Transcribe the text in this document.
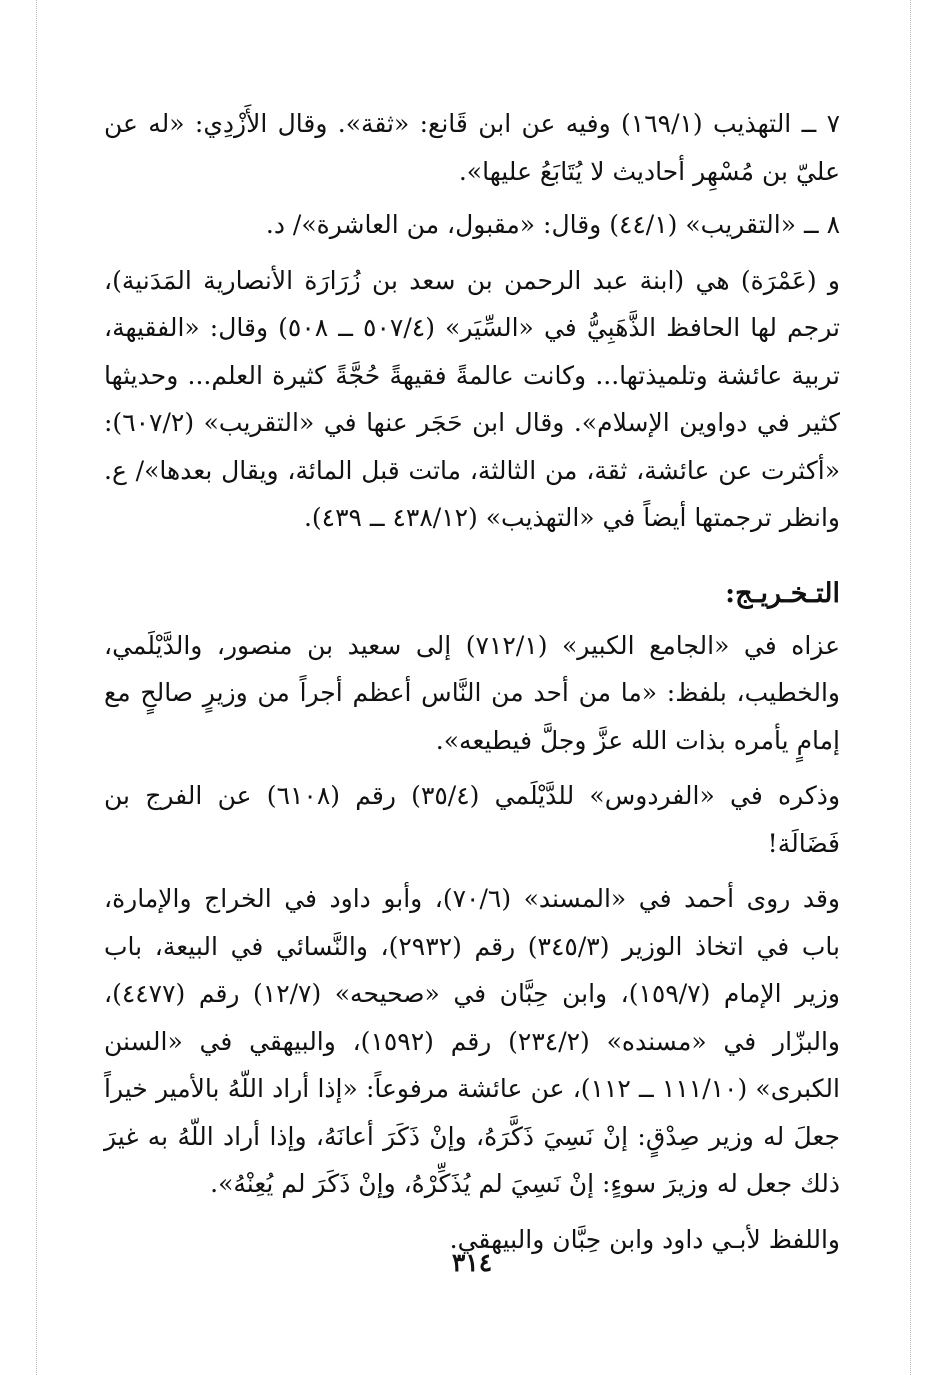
٧ ــ التهذيب (١٦٩/١) وفيه عن ابن قَانع: «ثقة». وقال الأَزْدِي: «له عن عليّ بن مُسْهِر أحاديث لا يُتَابَعُ عليها».

٨ ــ «التقريب» (٤٤/١) وقال: «مقبول، من العاشرة»/ د.

و (عَمْرَة) هي (ابنة عبد الرحمن بن سعد بن زُرَارَة الأنصارية المَدَنية)، ترجم لها الحافظ الذَّهَبِيُّ في «السِّيَر» (٥٠٧/٤ ــ ٥٠٨) وقال: «الفقيهة، تربية عائشة وتلميذتها... وكانت عالمةً فقيهةً حُجَّةً كثيرة العلم... وحديثها كثير في دواوين الإسلام». وقال ابن حَجَر عنها في «التقريب» (٦٠٧/٢): «أكثرت عن عائشة، ثقة، من الثالثة، ماتت قبل المائة، ويقال بعدها»/ ع. وانظر ترجمتها أيضاً في «التهذيب» (٤٣٨/١٢ ــ ٤٣٩).

التـخـريـج:

عزاه في «الجامع الكبير» (٧١٢/١) إلى سعيد بن منصور، والدَّيْلَمي، والخطيب، بلفظ: «ما من أحد من النَّاس أعظم أجراً من وزيرٍ صالحٍ مع إمامٍ يأمره بذات الله عزَّ وجلَّ فيطيعه».

وذكره في «الفردوس» للدَّيْلَمي (٣٥/٤) رقم (٦١٠٨) عن الفرج بن فَضَالَة!

وقد روى أحمد في «المسند» (٧٠/٦)، وأبو داود في الخراج والإمارة، باب في اتخاذ الوزير (٣٤٥/٣) رقم (٢٩٣٢)، والنَّسائي في البيعة، باب وزير الإمام (١٥٩/٧)، وابن حِبَّان في «صحيحه» (١٢/٧) رقم (٤٤٧٧)، والبزّار في «مسنده» (٢٣٤/٢) رقم (١٥٩٢)، والبيهقي في «السنن الكبرى» (١١١/١٠ ــ ١١٢)، عن عائشة مرفوعاً: «إذا أراد اللّهُ بالأمير خيراً جعلَ له وزير صِدْقٍ: إنْ نَسِيَ ذَكَّرَهُ، وإنْ ذَكَرَ أعانَهُ، وإذا أراد اللّهُ به غيرَ ذلك جعل له وزيرَ سوءٍ: إنْ نَسِيَ لم يُذَكِّرْهُ، وإنْ ذَكَرَ لم يُعِنْهُ».

واللفظ لأبـي داود وابن حِبَّان والبيهقي.

٣١٤
